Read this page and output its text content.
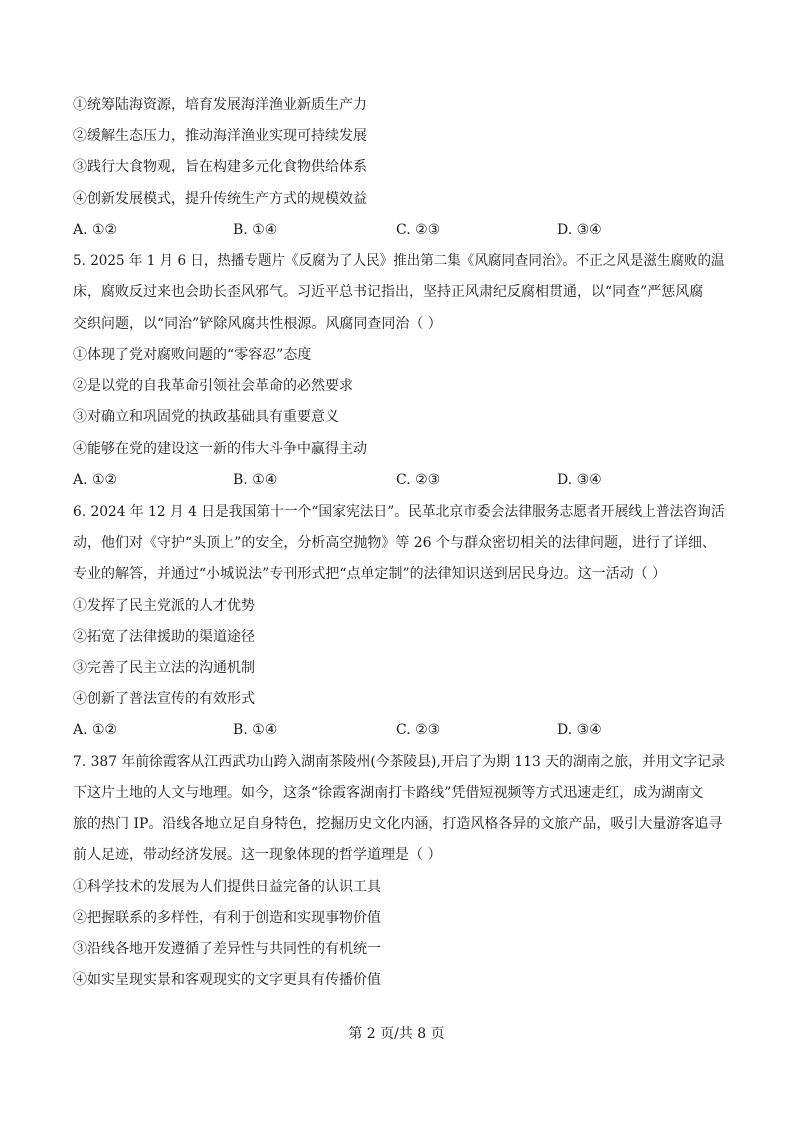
①统筹陆海资源，培育发展海洋渔业新质生产力
②缓解生态压力，推动海洋渔业实现可持续发展
③践行大食物观，旨在构建多元化食物供给体系
④创新发展模式，提升传统生产方式的规模效益
A. ①②	B. ①④	C. ②③	D. ③④
5. 2025 年 1 月 6 日，热播专题片《反腐为了人民》推出第二集《风腐同查同治》。不正之风是滋生腐败的温
床，腐败反过来也会助长歪风邪气。习近平总书记指出，坚持正风肃纪反腐相贯通，以“同查”严惩风腐
交织问题，以“同治”铲除风腐共性根源。风腐同查同治（ ）
①体现了党对腐败问题的“零容忍”态度
②是以党的自我革命引领社会革命的必然要求
③对确立和巩固党的执政基础具有重要意义
④能够在党的建设这一新的伟大斗争中赢得主动
A. ①②	B. ①④	C. ②③	D. ③④
6. 2024 年 12 月 4 日是我国第十一个“国家宪法日”。民革北京市委会法律服务志愿者开展线上普法咨询活
动，他们对《守护“头顶上”的安全，分析高空抛物》等 26 个与群众密切相关的法律问题，进行了详细、
专业的解答，并通过“小城说法”专刊形式把“点单定制”的法律知识送到居民身边。这一活动（ ）
①发挥了民主党派的人才优势
②拓宽了法律援助的渠道途径
③完善了民主立法的沟通机制
④创新了普法宣传的有效形式
A. ①②	B. ①④	C. ②③	D. ③④
7. 387 年前徐霞客从江西武功山跨入湖南茶陵州(今茶陵县),开启了为期 113 天的湖南之旅，并用文字记录
下这片土地的人文与地理。如今，这条“徐霞客湖南打卡路线”凭借短视频等方式迅速走红，成为湖南文
旅的热门 IP。沿线各地立足自身特色，挖掘历史文化内涵，打造风格各异的文旅产品，吸引大量游客追寻
前人足迹，带动经济发展。这一现象体现的哲学道理是（ ）
①科学技术的发展为人们提供日益完备的认识工具
②把握联系的多样性，有利于创造和实现事物价值
③沿线各地开发遵循了差异性与共同性的有机统一
④如实呈现实景和客观现实的文字更具有传播价值
第 2 页/共 8 页
